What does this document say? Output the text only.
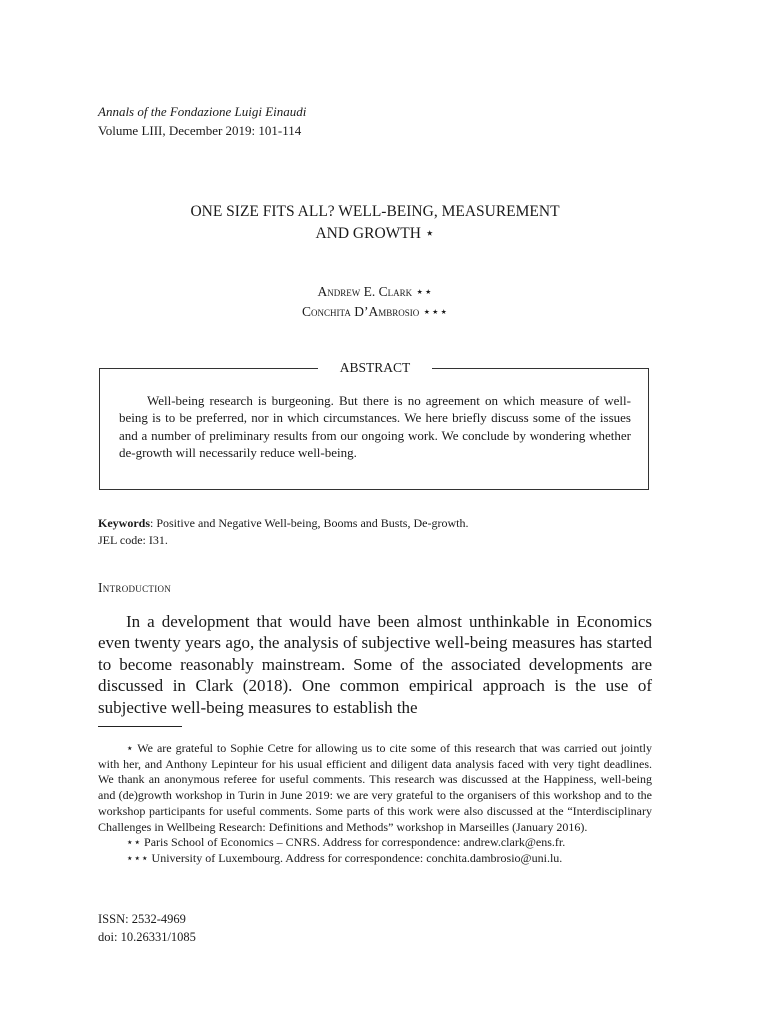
Annals of the Fondazione Luigi Einaudi
Volume LIII, December 2019: 101-114
ONE SIZE FITS ALL? WELL-BEING, MEASUREMENT
AND GROWTH ⋆
Andrew E. Clark ⋆⋆
Conchita D’Ambrosio ⋆⋆⋆
ABSTRACT
Well-being research is burgeoning. But there is no agreement on which measure of well-being is to be preferred, nor in which circumstances. We here briefly discuss some of the issues and a number of preliminary results from our ongoing work. We conclude by wondering whether de-growth will necessarily reduce well-being.
Keywords: Positive and Negative Well-being, Booms and Busts, De-growth.
JEL code: I31.
Introduction
In a development that would have been almost unthinkable in Economics even twenty years ago, the analysis of subjective well-being measures has started to become reasonably mainstream. Some of the associated developments are discussed in Clark (2018). One common empirical approach is the use of subjective well-being measures to establish the

⋆ We are grateful to Sophie Cetre for allowing us to cite some of this research that was carried out jointly with her, and Anthony Lepinteur for his usual efficient and diligent data analysis faced with very tight deadlines. We thank an anonymous referee for useful comments. This research was discussed at the Happiness, well-being and (de)growth workshop in Turin in June 2019: we are very grateful to the organisers of this workshop and to the workshop participants for useful comments. Some parts of this work were also discussed at the “Interdisciplinary Challenges in Wellbeing Research: Definitions and Methods” workshop in Marseilles (January 2016).

⋆⋆ Paris School of Economics – CNRS. Address for correspondence: andrew.clark@ens.fr.

⋆⋆⋆ University of Luxembourg. Address for correspondence: conchita.dambrosio@uni.lu.

ISSN: 2532-4969
doi: 10.26331/1085
